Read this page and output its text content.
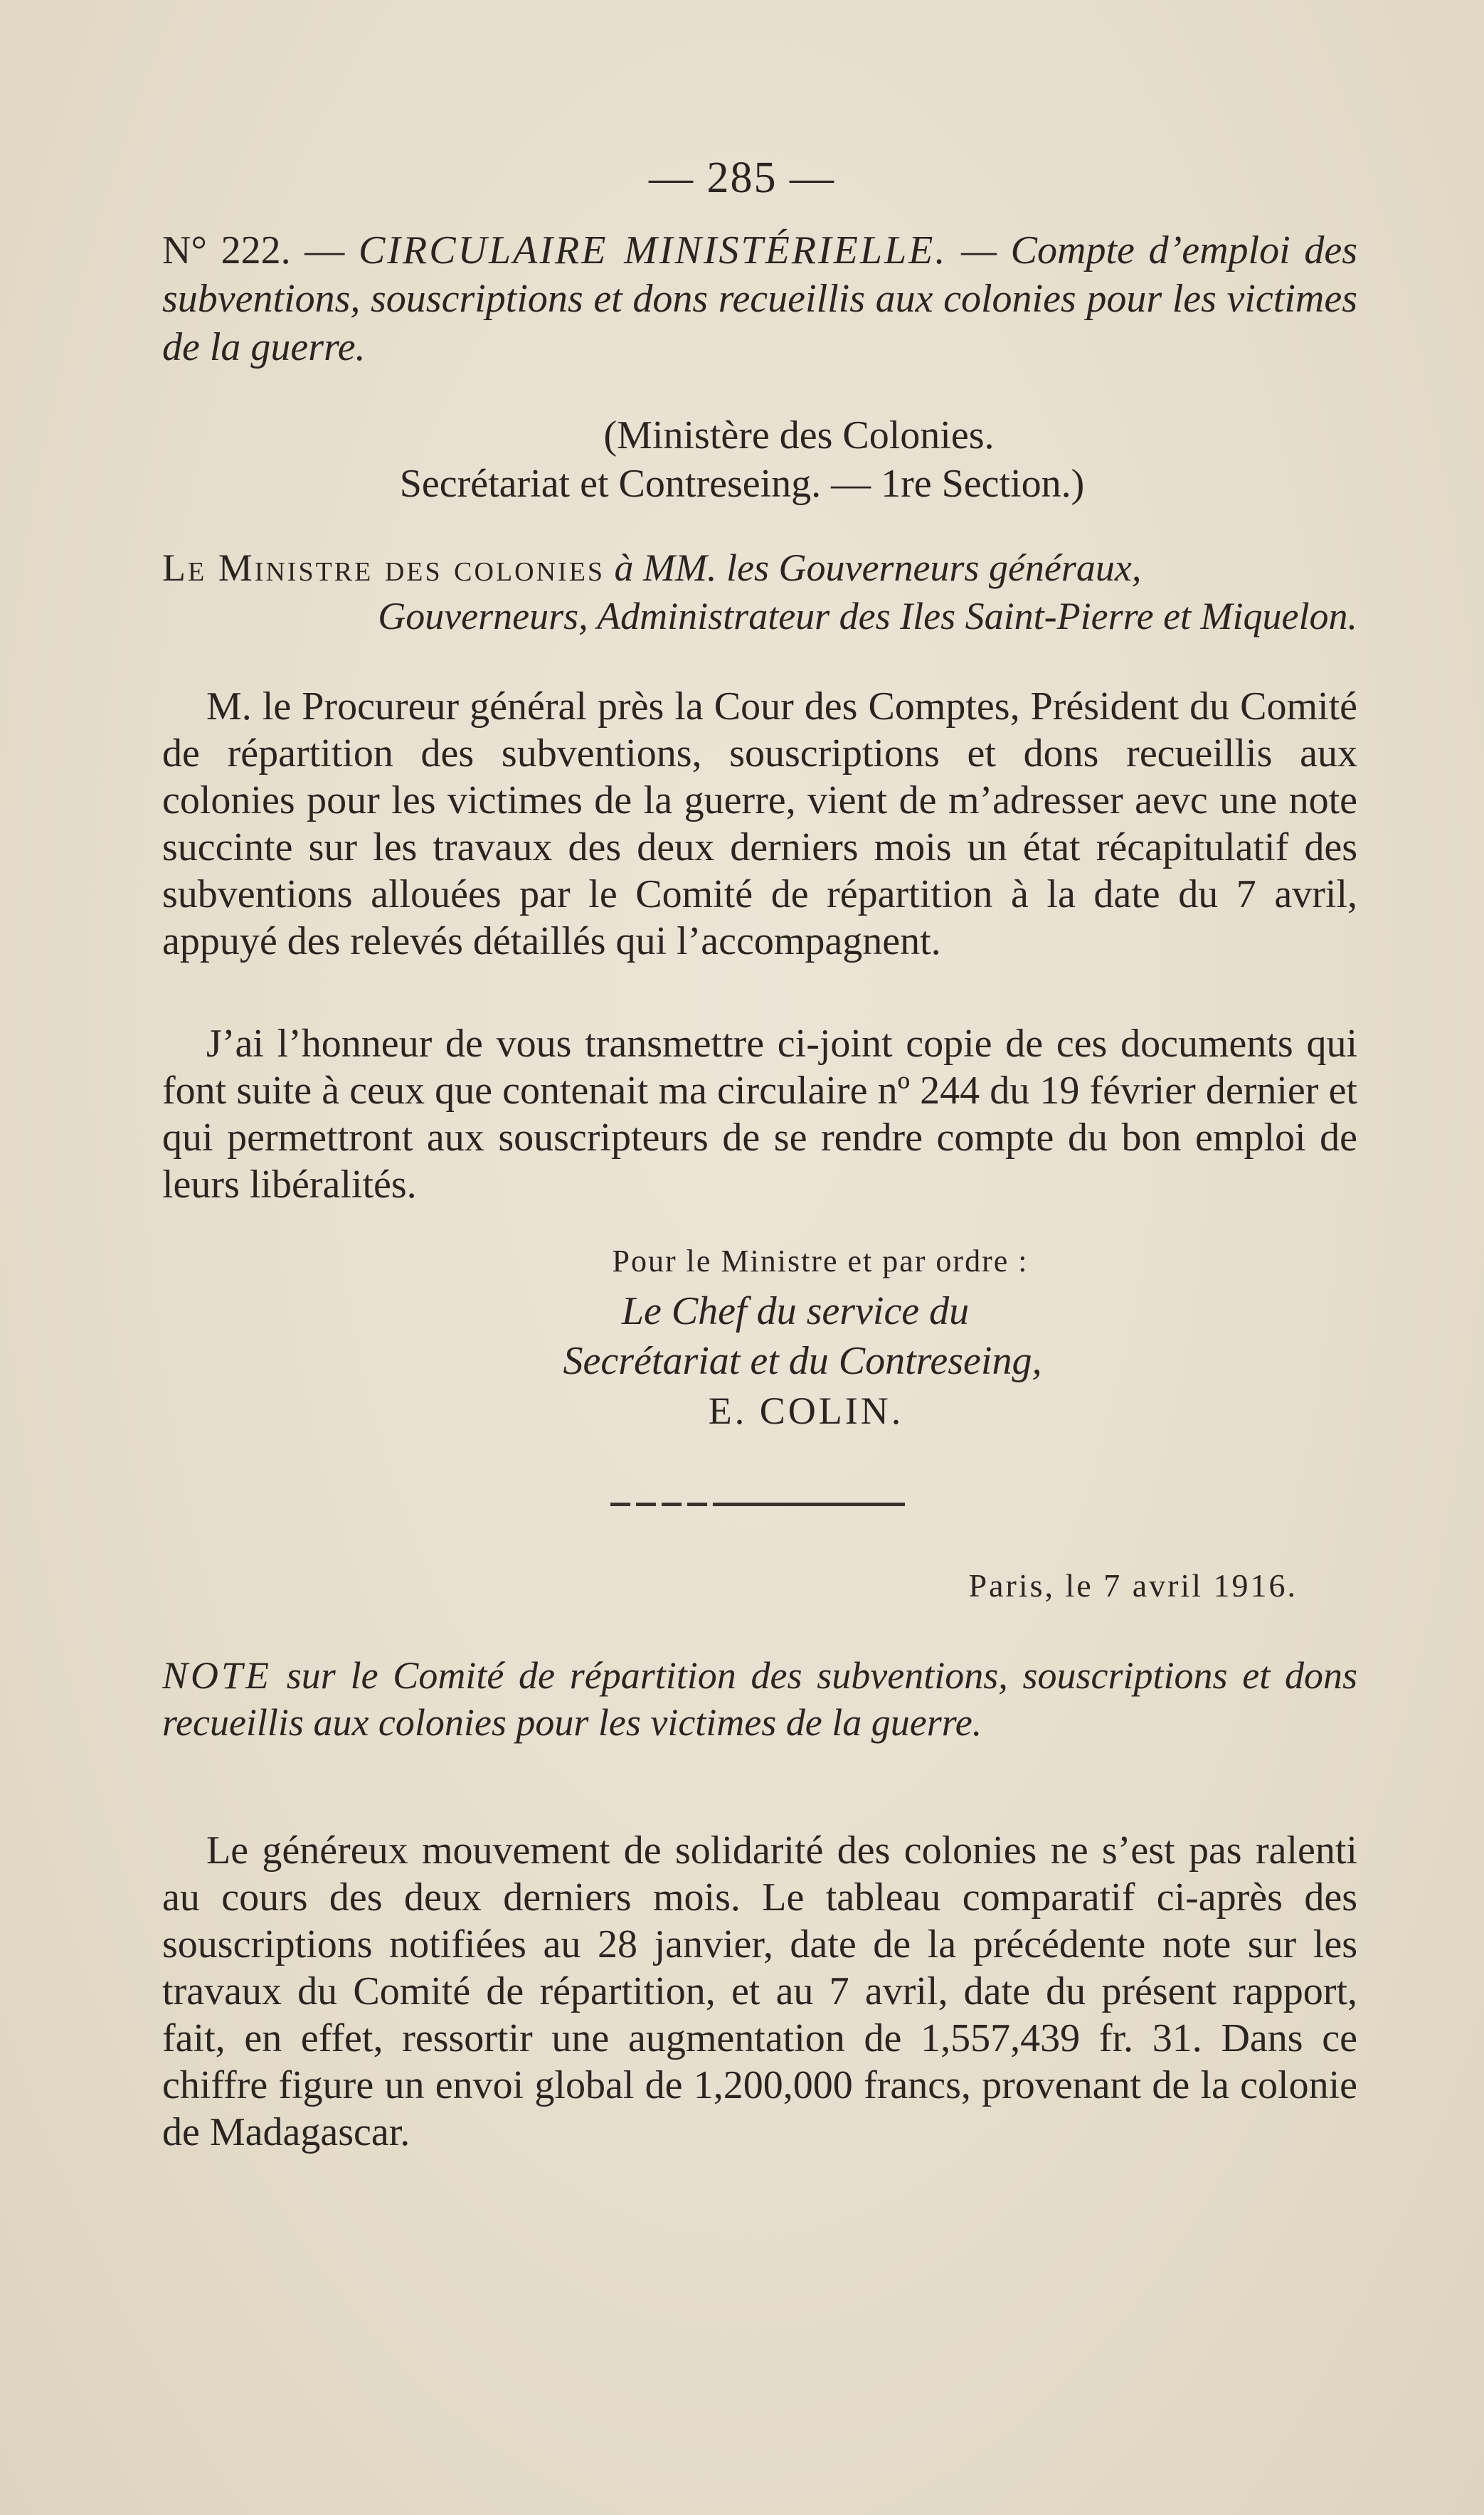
— 285 —
N° 222. — CIRCULAIRE MINISTÉRIELLE. — Compte d’emploi des subventions, souscriptions et dons recueillis aux colonies pour les victimes de la guerre.
(Ministère des Colonies.
Secrétariat et Contreseing. — 1re Section.)
Le Ministre des colonies à MM. les Gouverneurs généraux,
Gouverneurs, Administrateur des Iles Saint-Pierre et Miquelon.

M. le Procureur général près la Cour des Comptes, Président du Comité de répartition des subventions, souscriptions et dons recueillis aux colonies pour les victimes de la guerre, vient de m’adresser aevc une note succinte sur les travaux des deux derniers mois un état récapitulatif des subventions allouées par le Comité de répartition à la date du 7 avril, appuyé des relevés détaillés qui l’accompagnent.

J’ai l’honneur de vous transmettre ci-joint copie de ces documents qui font suite à ceux que contenait ma circulaire nº 244 du 19 février dernier et qui permettront aux souscripteurs de se rendre compte du bon emploi de leurs libéralités.

Pour le Ministre et par ordre :
Le Chef du service du
Secrétariat et du Contreseing,
E. COLIN.
Paris, le 7 avril 1916.
NOTE sur le Comité de répartition des subventions, souscriptions et dons recueillis aux colonies pour les victimes de la guerre.

Le généreux mouvement de solidarité des colonies ne s’est pas ralenti au cours des deux derniers mois. Le tableau comparatif ci-après des souscriptions notifiées au 28 janvier, date de la précédente note sur les travaux du Comité de répartition, et au 7 avril, date du présent rapport, fait, en effet, ressortir une augmentation de 1,557,439 fr. 31. Dans ce chiffre figure un envoi global de 1,200,000 francs, provenant de la colonie de Madagascar.
